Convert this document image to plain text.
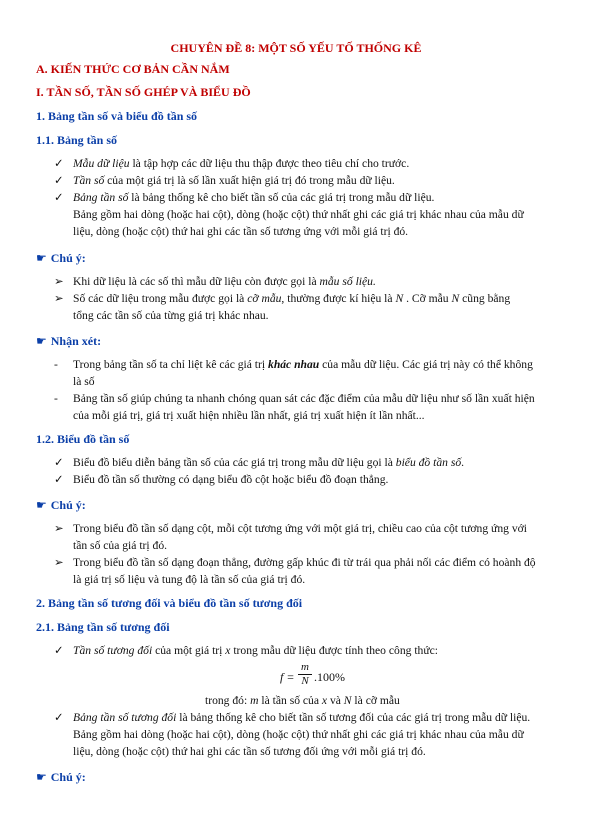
CHUYÊN ĐỀ 8: MỘT SỐ YẾU TỐ THỐNG KÊ

A. KIẾN THỨC CƠ BẢN CẦN NẮM

I. TẦN SỐ, TẦN SỐ GHÉP VÀ BIỂU ĐỒ

1. Bảng tần số và biểu đồ tần số

1.1. Bảng tần số

✓ Mẫu dữ liệu là tập hợp các dữ liệu thu thập được theo tiêu chí cho trước.
✓ Tần số của một giá trị là số lần xuất hiện giá trị đó trong mẫu dữ liệu.
✓ Bảng tần số là bảng thống kê cho biết tần số của các giá trị trong mẫu dữ liệu.
Bảng gồm hai dòng (hoặc hai cột), dòng (hoặc cột) thứ nhất ghi các giá trị khác nhau của mẫu dữ
liệu, dòng (hoặc cột) thứ hai ghi các tần số tương ứng với mỗi giá trị đó.

☛ Chú ý:

➢ Khi dữ liệu là các số thì mẫu dữ liệu còn được gọi là mẫu số liệu.
➢ Số các dữ liệu trong mẫu được gọi là cỡ mẫu, thường được kí hiệu là N . Cỡ mẫu N cũng bằng
tổng các tần số của từng giá trị khác nhau.

☛ Nhận xét:

-	Trong bảng tần số ta chỉ liệt kê các giá trị khác nhau của mẫu dữ liệu. Các giá trị này có thể không
là số
-	Bảng tần số giúp chúng ta nhanh chóng quan sát các đặc điểm của mẫu dữ liệu như số lần xuất hiện
của mỗi giá trị, giá trị xuất hiện nhiều lần nhất, giá trị xuất hiện ít lần nhất...

1.2. Biểu đồ tần số

✓ Biểu đồ biểu diễn bảng tần số của các giá trị trong mẫu dữ liệu gọi là biểu đồ tần số.
✓ Biểu đồ tần số thường có dạng biểu đồ cột hoặc biểu đồ đoạn thẳng.

☛ Chú ý:

➢ Trong biểu đồ tần số dạng cột, mỗi cột tương ứng với một giá trị, chiều cao của cột tương ứng với
tần số của giá trị đó.
➢ Trong biểu đồ tần số dạng đoạn thẳng, đường gấp khúc đi từ trái qua phải nối các điểm có hoành độ
là giá trị số liệu và tung độ là tần số của giá trị đó.

2. Bảng tần số tương đối và biểu đồ tần số tương đối

2.1. Bảng tần số tương đối

✓ Tần số tương đối của một giá trị x trong mẫu dữ liệu được tính theo công thức:
f =
m
N .100%
trong đó: m là tần số của x và N là cỡ mẫu
✓ Bảng tần số tương đối là bảng thống kê cho biết tần số tương đối của các giá trị trong mẫu dữ liệu.
Bảng gồm hai dòng (hoặc hai cột), dòng (hoặc cột) thứ nhất ghi các giá trị khác nhau của mẫu dữ
liệu, dòng (hoặc cột) thứ hai ghi các tần số tương đối ứng với mỗi giá trị đó.

☛ Chú ý:
